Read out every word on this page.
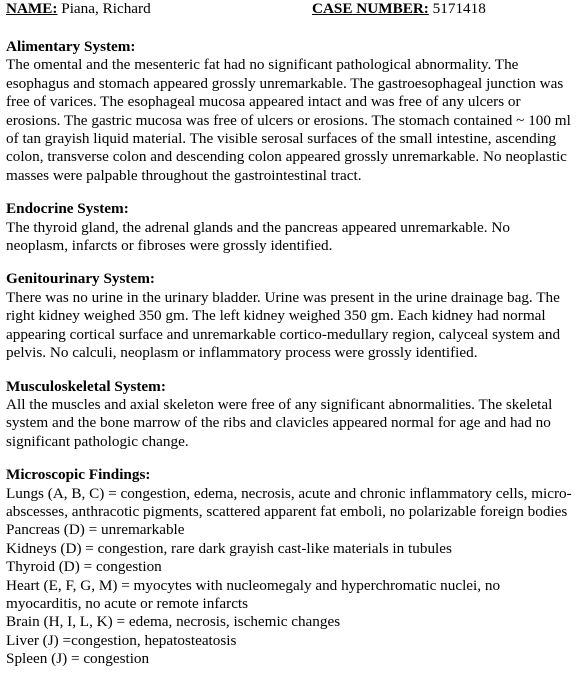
NAME: Piana, Richard	CASE NUMBER: 5171418
Alimentary System:
The omental and the mesenteric fat had no significant pathological abnormality. The esophagus and stomach appeared grossly unremarkable. The gastroesophageal junction was free of varices. The esophageal mucosa appeared intact and was free of any ulcers or erosions. The gastric mucosa was free of ulcers or erosions. The stomach contained ~ 100 ml of tan grayish liquid material. The visible serosal surfaces of the small intestine, ascending colon, transverse colon and descending colon appeared grossly unremarkable. No neoplastic masses were palpable throughout the gastrointestinal tract.
Endocrine System:
The thyroid gland, the adrenal glands and the pancreas appeared unremarkable. No neoplasm, infarcts or fibroses were grossly identified.
Genitourinary System:
There was no urine in the urinary bladder. Urine was present in the urine drainage bag. The right kidney weighed 350 gm. The left kidney weighed 350 gm. Each kidney had normal appearing cortical surface and unremarkable cortico-medullary region, calyceal system and pelvis. No calculi, neoplasm or inflammatory process were grossly identified.
Musculoskeletal System:
All the muscles and axial skeleton were free of any significant abnormalities. The skeletal system and the bone marrow of the ribs and clavicles appeared normal for age and had no significant pathologic change.
Microscopic Findings:
Lungs (A, B, C) = congestion, edema, necrosis, acute and chronic inflammatory cells, micro-abscesses, anthracotic pigments, scattered apparent fat emboli, no polarizable foreign bodies
Pancreas (D) = unremarkable
Kidneys (D) = congestion, rare dark grayish cast-like materials in tubules
Thyroid (D) = congestion
Heart (E, F, G, M) = myocytes with nucleomegaly and hyperchromatic nuclei, no myocarditis, no acute or remote infarcts
Brain (H, I, L, K) = edema, necrosis, ischemic changes
Liver (J) =congestion, hepatosteatosis
Spleen (J) = congestion
